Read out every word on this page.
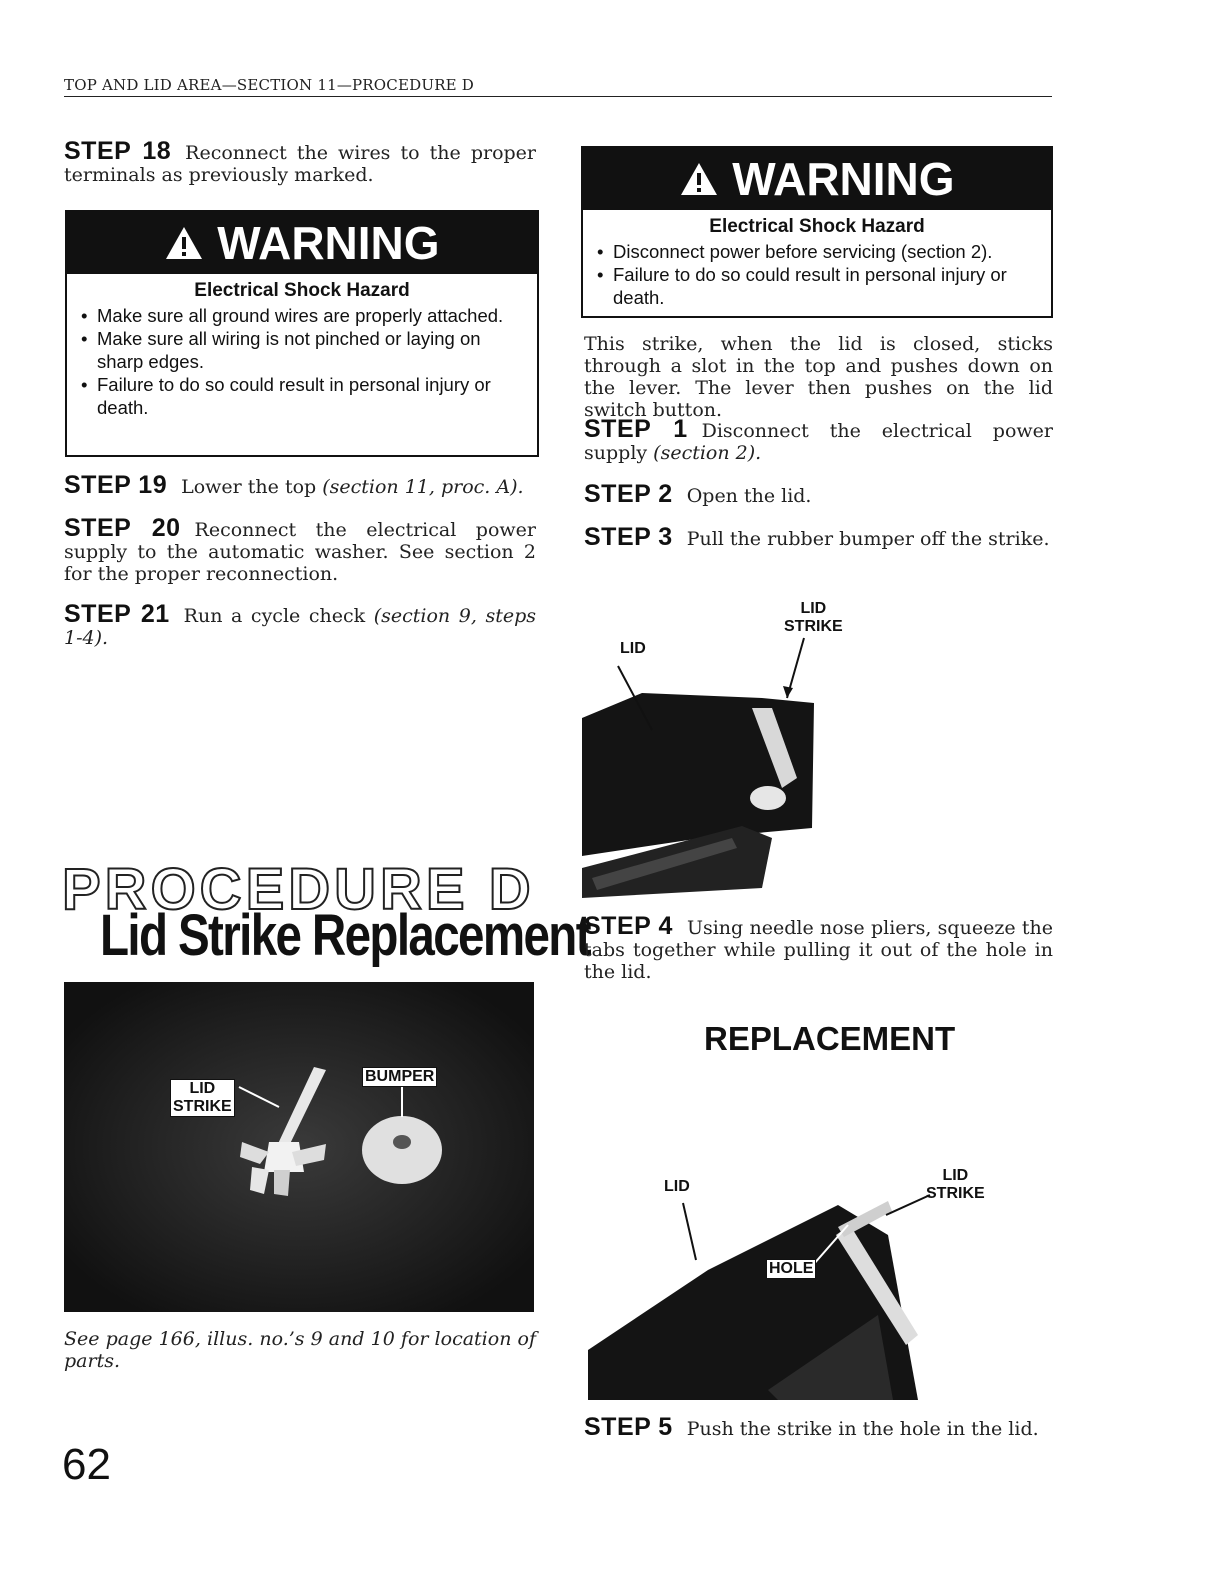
TOP AND LID AREA—SECTION 11—PROCEDURE D
STEP 18 Reconnect the wires to the proper terminals as previously marked.
WARNING
Electrical Shock Hazard
• Make sure all ground wires are properly attached.
• Make sure all wiring is not pinched or laying on sharp edges.
• Failure to do so could result in personal injury or death.
STEP 19 Lower the top (section 11, proc. A).
STEP 20 Reconnect the electrical power supply to the automatic washer. See section 2 for the proper reconnection.
STEP 21 Run a cycle check (section 9, steps 1-4).
PROCEDURE D
Lid Strike Replacement
LID
STRIKE
BUMPER
See page 166, illus. no.’s 9 and 10 for location of parts.
62
WARNING
Electrical Shock Hazard
• Disconnect power before servicing (section 2).
• Failure to do so could result in personal injury or death.
This strike, when the lid is closed, sticks through a slot in the top and pushes down on the lever. The lever then pushes on the lid switch button.
STEP 1 Disconnect the electrical power supply (section 2).
STEP 2 Open the lid.
STEP 3 Pull the rubber bumper off the strike.
LID
LID
STRIKE
STEP 4 Using needle nose pliers, squeeze the tabs together while pulling it out of the hole in the lid.
REPLACEMENT
LID
LID
STRIKE
HOLE
STEP 5 Push the strike in the hole in the lid.
